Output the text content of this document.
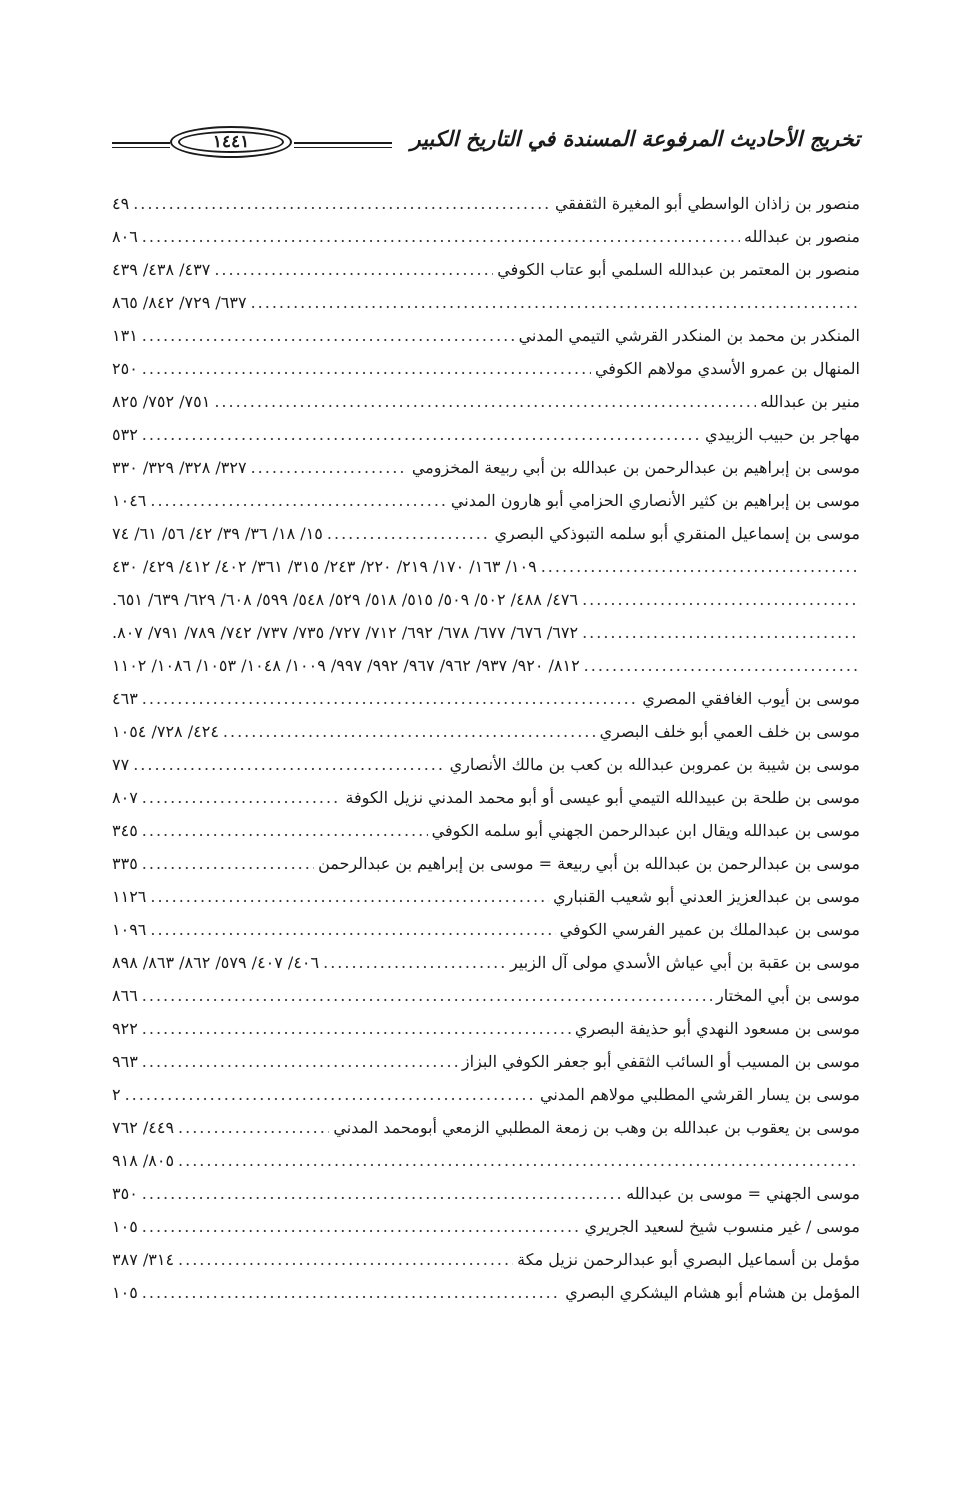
تخريج الأحاديث المرفوعة المسندة في التاريخ الكبير
١٤٤١
منصور بن زاذان الواسطي أبو المغيرة الثقفقي
.....
٤٩
منصور بن عبدالله
.....
٨٠٦
منصور بن المعتمر بن عبدالله السلمي أبو عتاب الكوفي
.....
٤٣٧/ ٤٣٨/ ٤٣٩
.....
٦٣٧/ ٧٢٩/ ٨٤٢/ ٨٦٥
المنكدر بن محمد بن المنكدر القرشي التيمي المدني
.....
١٣١
المنهال بن عمرو الأسدي مولاهم الكوفي
.....
٢٥٠
منير بن عبدالله
.....
٧٥١/ ٧٥٢/ ٨٢٥
مهاجر بن حبيب الزبيدي
.....
٥٣٢
موسى بن إبراهيم بن عبدالرحمن بن عبدالله بن أبي ربيعة المخزومي
.....
٣٢٧/ ٣٢٨/ ٣٢٩/ ٣٣٠
موسى بن إبراهيم بن كثير الأنصاري الحزامي أبو هارون المدني
.....
١٠٤٦
موسى بن إسماعيل المنقري أبو سلمه التبوذكي البصري
.....
١٥/ ١٨/ ٣٦/ ٣٩/ ٤٢/ ٥٦/ ٦١/ ٧٤
.....
١٠٩/ ١٦٣/ ١٧٠/ ٢١٩/ ٢٢٠/ ٢٤٣/ ٣١٥/ ٣٦١/ ٤٠٢/ ٤١٢/ ٤٢٩/ ٤٣٠
.....
٤٧٦/ ٤٨٨/ ٥٠٢/ ٥٠٩/ ٥١٥/ ٥١٨/ ٥٢٩/ ٥٤٨/ ٥٩٩/ ٦٠٨/ ٦٢٩/ ٦٣٩/ ٦٥١.
.....
٦٧٢/ ٦٧٦/ ٦٧٧/ ٦٧٨/ ٦٩٢/ ٧١٢/ ٧٢٧/ ٧٣٥/ ٧٣٧/ ٧٤٢/ ٧٨٩/ ٧٩١/ ٨٠٧.
.....
٨١٢/ ٩٢٠/ ٩٣٧/ ٩٦٢/ ٩٦٧/ ٩٩٢/ ٩٩٧/ ١٠٠٩/ ١٠٤٨/ ١٠٥٣/ ١٠٨٦/ ١١٠٢
موسى بن أيوب الغافقي المصري
.....
٤٦٣
موسى بن خلف العمي أبو خلف البصري
.....
٤٢٤/ ٧٢٨/ ١٠٥٤
موسى بن شيبة بن عمروبن عبدالله بن كعب بن مالك الأنصاري
.....
٧٧
موسى بن طلحة بن عبيدالله التيمي أبو عيسى أو أبو محمد المدني نزيل الكوفة
.....
٨٠٧
موسى بن عبدالله ويقال ابن عبدالرحمن الجهني أبو سلمه الكوفي
.....
٣٤٥
موسى بن عبدالرحمن بن عبدالله بن أبي ربيعة = موسى بن إبراهيم بن عبدالرحمن
.....
٣٣٥
موسى بن عبدالعزيز العدني أبو شعيب القنباري
.....
١١٢٦
موسى بن عبدالملك بن عمير الفرسي الكوفي
.....
١٠٩٦
موسى بن عقبة بن أبي عياش الأسدي مولى آل الزبير
.....
٤٠٦/ ٤٠٧/ ٥٧٩/ ٨٦٢/ ٨٦٣/ ٨٩٨
موسى بن أبي المختار
.....
٨٦٦
موسى بن مسعود النهدي أبو حذيفة البصري
.....
٩٢٢
موسى بن المسيب أو السائب الثقفي أبو جعفر الكوفي البزاز
.....
٩٦٣
موسى بن يسار القرشي المطلبي مولاهم المدني
.....
٢
موسى بن يعقوب بن عبدالله بن وهب بن زمعة المطلبي الزمعي أبومحمد المدني
.....
٤٤٩/ ٧٦٢
.....
٨٠٥/ ٩١٨
موسى الجهني = موسى بن عبدالله
.....
٣٥٠
موسى / غير منسوب شيخ لسعيد الجريري
.....
١٠٥
مؤمل بن أسماعيل البصري أبو عبدالرحمن نزيل مكة
.....
٣١٤/ ٣٨٧
المؤمل بن هشام أبو هشام اليشكري البصري
.....
١٠٥
